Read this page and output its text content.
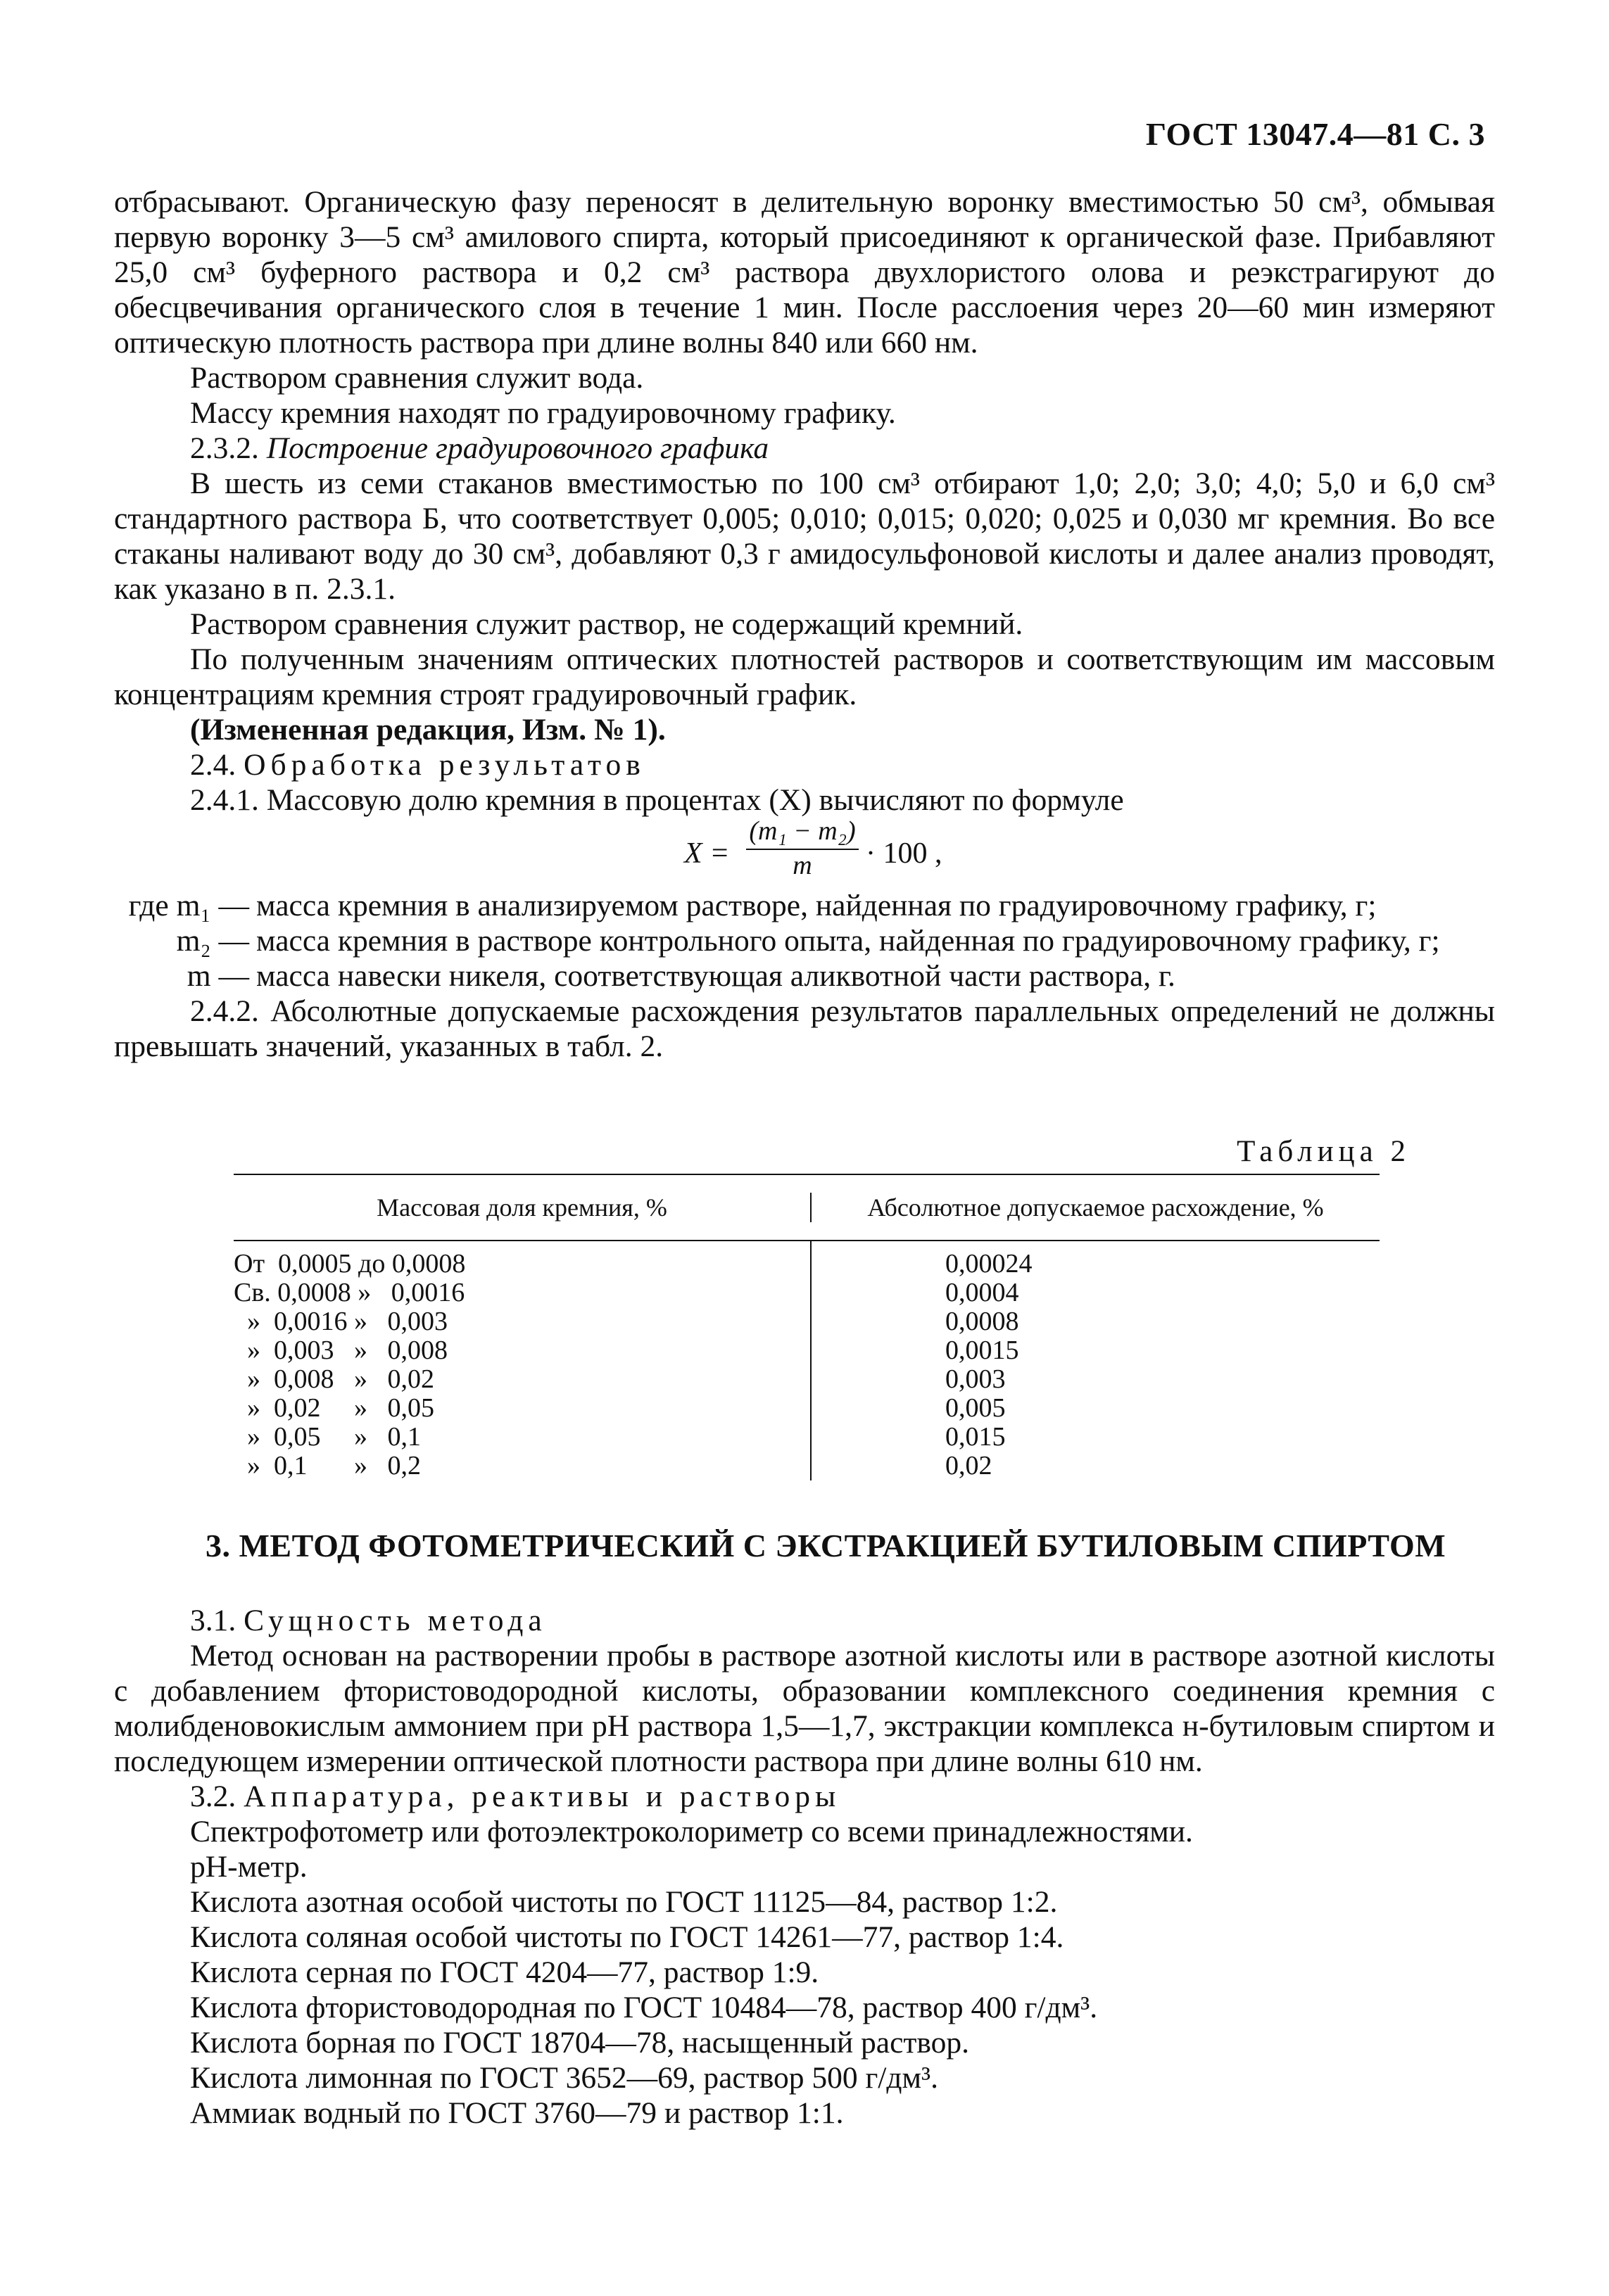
ГОСТ 13047.4—81 С. 3

отбрасывают. Органическую фазу переносят в делительную воронку вместимостью 50 см³, обмывая первую воронку 3—5 см³ амилового спирта, который присоединяют к органической фазе. Прибавляют 25,0 см³ буферного раствора и 0,2 см³ раствора двухлористого олова и реэкстрагируют до обесцвечивания органического слоя в течение 1 мин. После расслоения через 20—60 мин измеряют оптическую плотность раствора при длине волны 840 или 660 нм.

Раствором сравнения служит вода.

Массу кремния находят по градуировочному графику.

2.3.2. Построение градуировочного графика

В шесть из семи стаканов вместимостью по 100 см³ отбирают 1,0; 2,0; 3,0; 4,0; 5,0 и 6,0 см³ стандартного раствора Б, что соответствует 0,005; 0,010; 0,015; 0,020; 0,025 и 0,030 мг кремния. Во все стаканы наливают воду до 30 см³, добавляют 0,3 г амидосульфоновой кислоты и далее анализ проводят, как указано в п. 2.3.1.

Раствором сравнения служит раствор, не содержащий кремний.

По полученным значениям оптических плотностей растворов и соответствующим им массовым концентрациям кремния строят градуировочный график.

(Измененная редакция, Изм. № 1).

2.4. Обработка результатов

2.4.1. Массовую долю кремния в процентах (X) вычисляют по формуле

$X = \frac{\text{(m₁ − m₂)}}{m} \cdot 100$ ,
где m₁ — масса кремния в анализируемом растворе, найденная по градуировочному графику, г;
m₂ — масса кремния в растворе контрольного опыта, найденная по градуировочному графику, г;
m — масса навески никеля, соответствующая аликвотной части раствора, г.

2.4.2. Абсолютные допускаемые расхождения результатов параллельных определений не должны превышать значений, указанных в табл. 2.

Таблица 2
Массовая доля кремния, %	Абсолютное допускаемое расхождение, %
От  0,0005 до 0,0008
Св. 0,0008 »   0,0016
»  0,0016 »   0,003
»  0,003   »   0,008
»  0,008   »   0,02
»  0,02     »   0,05
»  0,05     »   0,1
»  0,1       »   0,2
0,00024
0,0004
0,0008
0,0015
0,003
0,005
0,015
0,02
3. МЕТОД ФОТОМЕТРИЧЕСКИЙ С ЭКСТРАКЦИЕЙ БУТИЛОВЫМ СПИРТОМ

3.1. Сущность метода

Метод основан на растворении пробы в растворе азотной кислоты или в растворе азотной кислоты с добавлением фтористоводородной кислоты, образовании комплексного соединения кремния с молибденовокислым аммонием при pH раствора 1,5—1,7, экстракции комплекса н-бутиловым спиртом и последующем измерении оптической плотности раствора при длине волны 610 нм.

3.2. Аппаратура, реактивы и растворы

Спектрофотометр или фотоэлектроколориметр со всеми принадлежностями.

pH-метр.

Кислота азотная особой чистоты по ГОСТ 11125—84, раствор 1:2.

Кислота соляная особой чистоты по ГОСТ 14261—77, раствор 1:4.

Кислота серная по ГОСТ 4204—77, раствор 1:9.

Кислота фтористоводородная по ГОСТ 10484—78, раствор 400 г/дм³.

Кислота борная по ГОСТ 18704—78, насыщенный раствор.

Кислота лимонная по ГОСТ 3652—69, раствор 500 г/дм³.

Аммиак водный по ГОСТ 3760—79 и раствор 1:1.
